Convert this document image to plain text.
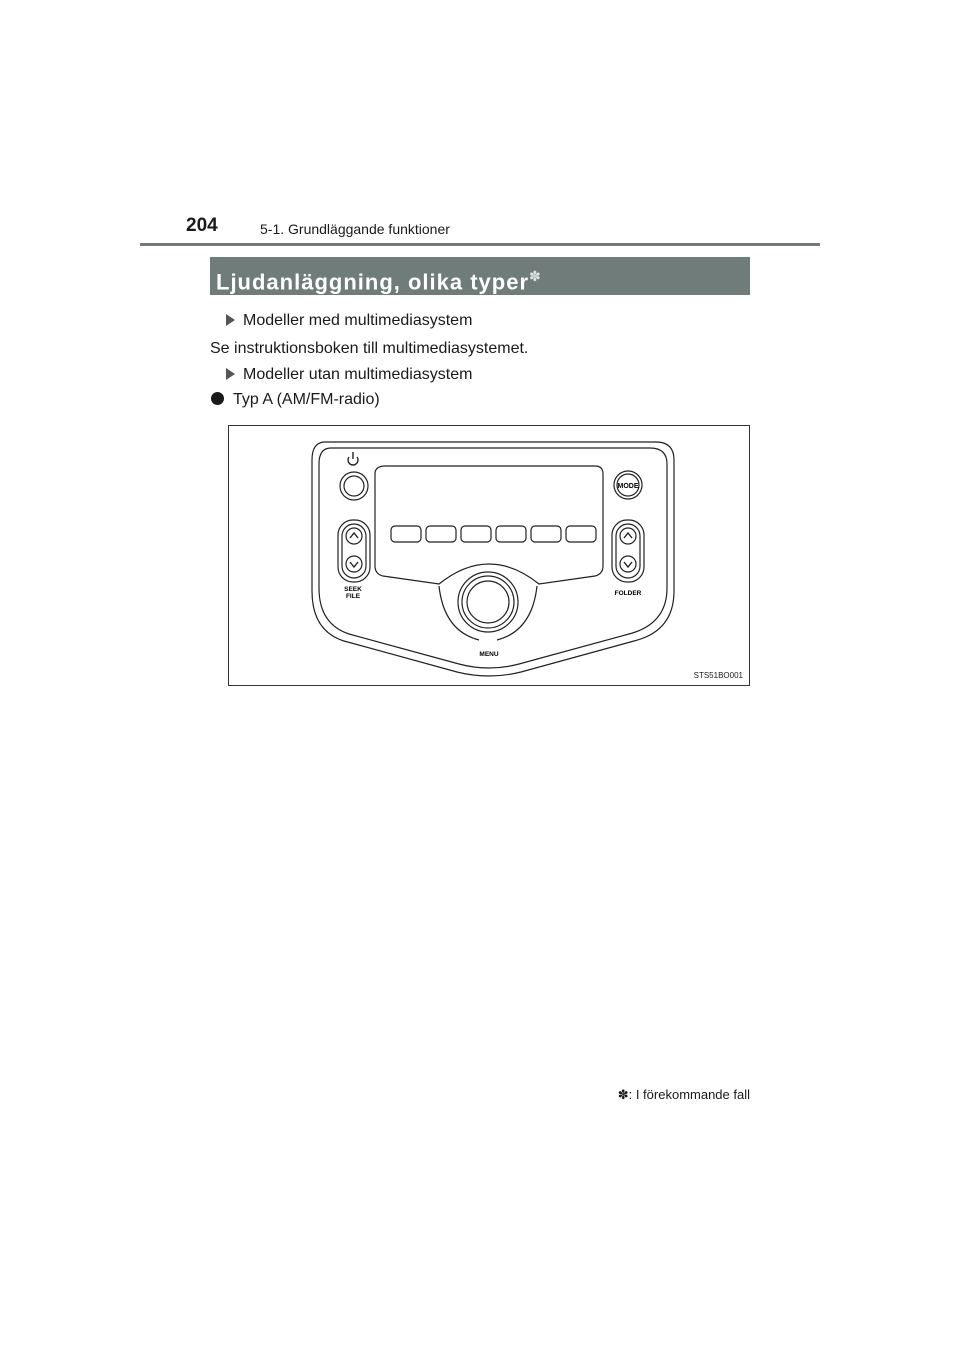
204	5-1. Grundläggande funktioner
Ljudanläggning, olika typer✽
Modeller med multimediasystem
Se instruktionsboken till multimediasystemet.
Modeller utan multimediasystem
Typ A (AM/FM-radio)
MODE
SEEK
FILE	FOLDER
MENU
STS51BO001
✽: I förekommande fall
